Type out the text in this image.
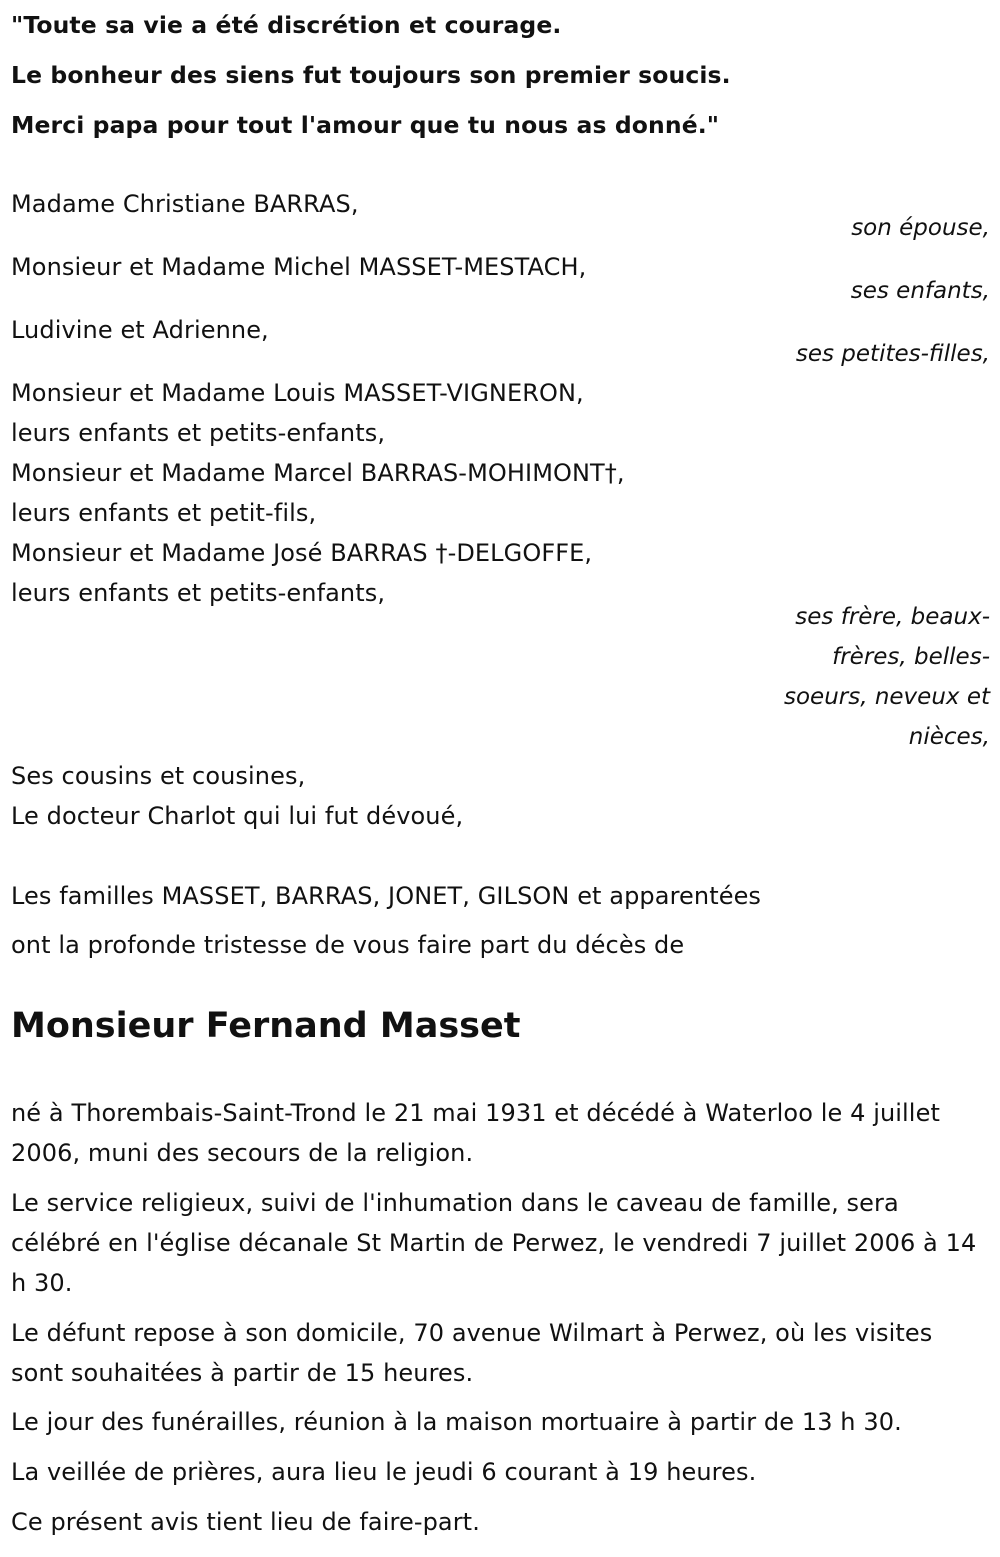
"Toute sa vie a été discrétion et courage.
Le bonheur des siens fut toujours son premier soucis.
Merci papa pour tout l'amour que tu nous as donné."
Madame Christiane BARRAS,
son épouse,
Monsieur et Madame Michel MASSET-MESTACH,
ses enfants,
Ludivine et Adrienne,
ses petites-filles,
Monsieur et Madame Louis MASSET-VIGNERON,
leurs enfants et petits-enfants,
Monsieur et Madame Marcel BARRAS-MOHIMONT†,
leurs enfants et petit-fils,
Monsieur et Madame José BARRAS †-DELGOFFE,
leurs enfants et petits-enfants,
ses frère, beaux-
frères, belles-
soeurs, neveux et
nièces,
Ses cousins et cousines,
Le docteur Charlot qui lui fut dévoué,
Les familles MASSET, BARRAS, JONET, GILSON et apparentées
ont la profonde tristesse de vous faire part du décès de
Monsieur Fernand Masset
né à Thorembais-Saint-Trond le 21 mai 1931 et décédé à Waterloo le 4 juillet 2006, muni des secours de la religion.
Le service religieux, suivi de l'inhumation dans le caveau de famille, sera célébré en l'église décanale St Martin de Perwez, le vendredi 7 juillet 2006 à 14 h 30.
Le défunt repose à son domicile, 70 avenue Wilmart à Perwez, où les visites sont souhaitées à partir de 15 heures.
Le jour des funérailles, réunion à la maison mortuaire à partir de 13 h 30.
La veillée de prières, aura lieu le jeudi 6 courant à 19 heures.
Ce présent avis tient lieu de faire-part.
